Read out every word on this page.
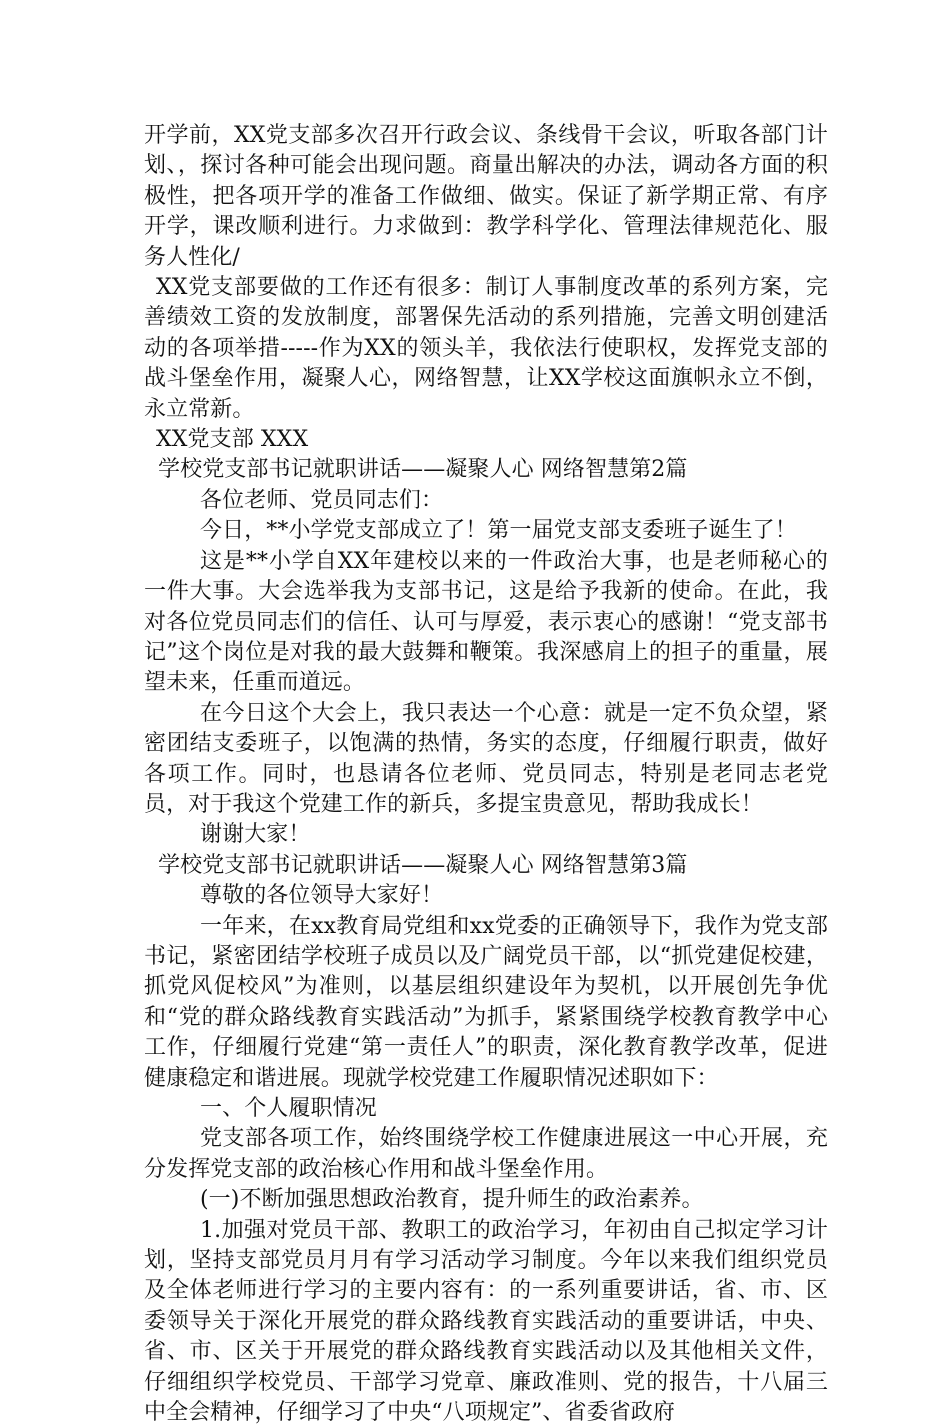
开学前，XX党支部多次召开行政会议、条线骨干会议，听取各部门计划、，探讨各种可能会出现问题。商量出解决的办法，调动各方面的积极性，把各项开学的准备工作做细、做实。保证了新学期正常、有序开学，课改顺利进行。力求做到：教学科学化、管理法律规范化、服务人性化/

XX党支部要做的工作还有很多：制订人事制度改革的系列方案，完善绩效工资的发放制度，部署保先活动的系列措施，完善文明创建活动的各项举措-----作为XX的领头羊，我依法行使职权，发挥党支部的战斗堡垒作用，凝聚人心，网络智慧，让XX学校这面旗帜永立不倒，永立常新。

XX党支部 XXX

学校党支部书记就职讲话——凝聚人心 网络智慧第2篇

各位老师、党员同志们：

今日，**小学党支部成立了！第一届党支部支委班子诞生了！

这是**小学自XX年建校以来的一件政治大事，也是老师秘心的一件大事。大会选举我为支部书记，这是给予我新的使命。在此，我对各位党员同志们的信任、认可与厚爱，表示衷心的感谢！“党支部书记”这个岗位是对我的最大鼓舞和鞭策。我深感肩上的担子的重量，展望未来，任重而道远。

在今日这个大会上，我只表达一个心意：就是一定不负众望，紧密团结支委班子，以饱满的热情，务实的态度，仔细履行职责，做好各项工作。同时，也恳请各位老师、党员同志，特别是老同志老党员，对于我这个党建工作的新兵，多提宝贵意见，帮助我成长！

谢谢大家！

学校党支部书记就职讲话——凝聚人心 网络智慧第3篇

尊敬的各位领导大家好！

一年来，在xx教育局党组和xx党委的正确领导下，我作为党支部书记，紧密团结学校班子成员以及广阔党员干部，以“抓党建促校建，抓党风促校风”为准则，以基层组织建设年为契机，以开展创先争优和“党的群众路线教育实践活动”为抓手，紧紧围绕学校教育教学中心工作，仔细履行党建“第一责任人”的职责，深化教育教学改革，促进健康稳定和谐进展。现就学校党建工作履职情况述职如下：

一、个人履职情况

党支部各项工作，始终围绕学校工作健康进展这一中心开展，充分发挥党支部的政治核心作用和战斗堡垒作用。

(一)不断加强思想政治教育，提升师生的政治素养。

1.加强对党员干部、教职工的政治学习，年初由自己拟定学习计划，坚持支部党员月月有学习活动学习制度。今年以来我们组织党员及全体老师进行学习的主要内容有：的一系列重要讲话，省、市、区委领导关于深化开展党的群众路线教育实践活动的重要讲话，中央、省、市、区关于开展党的群众路线教育实践活动以及其他相关文件，仔细组织学校党员、干部学习党章、廉政准则、党的报告，十八届三中全会精神，仔细学习了中央“八项规定”、省委省政府
